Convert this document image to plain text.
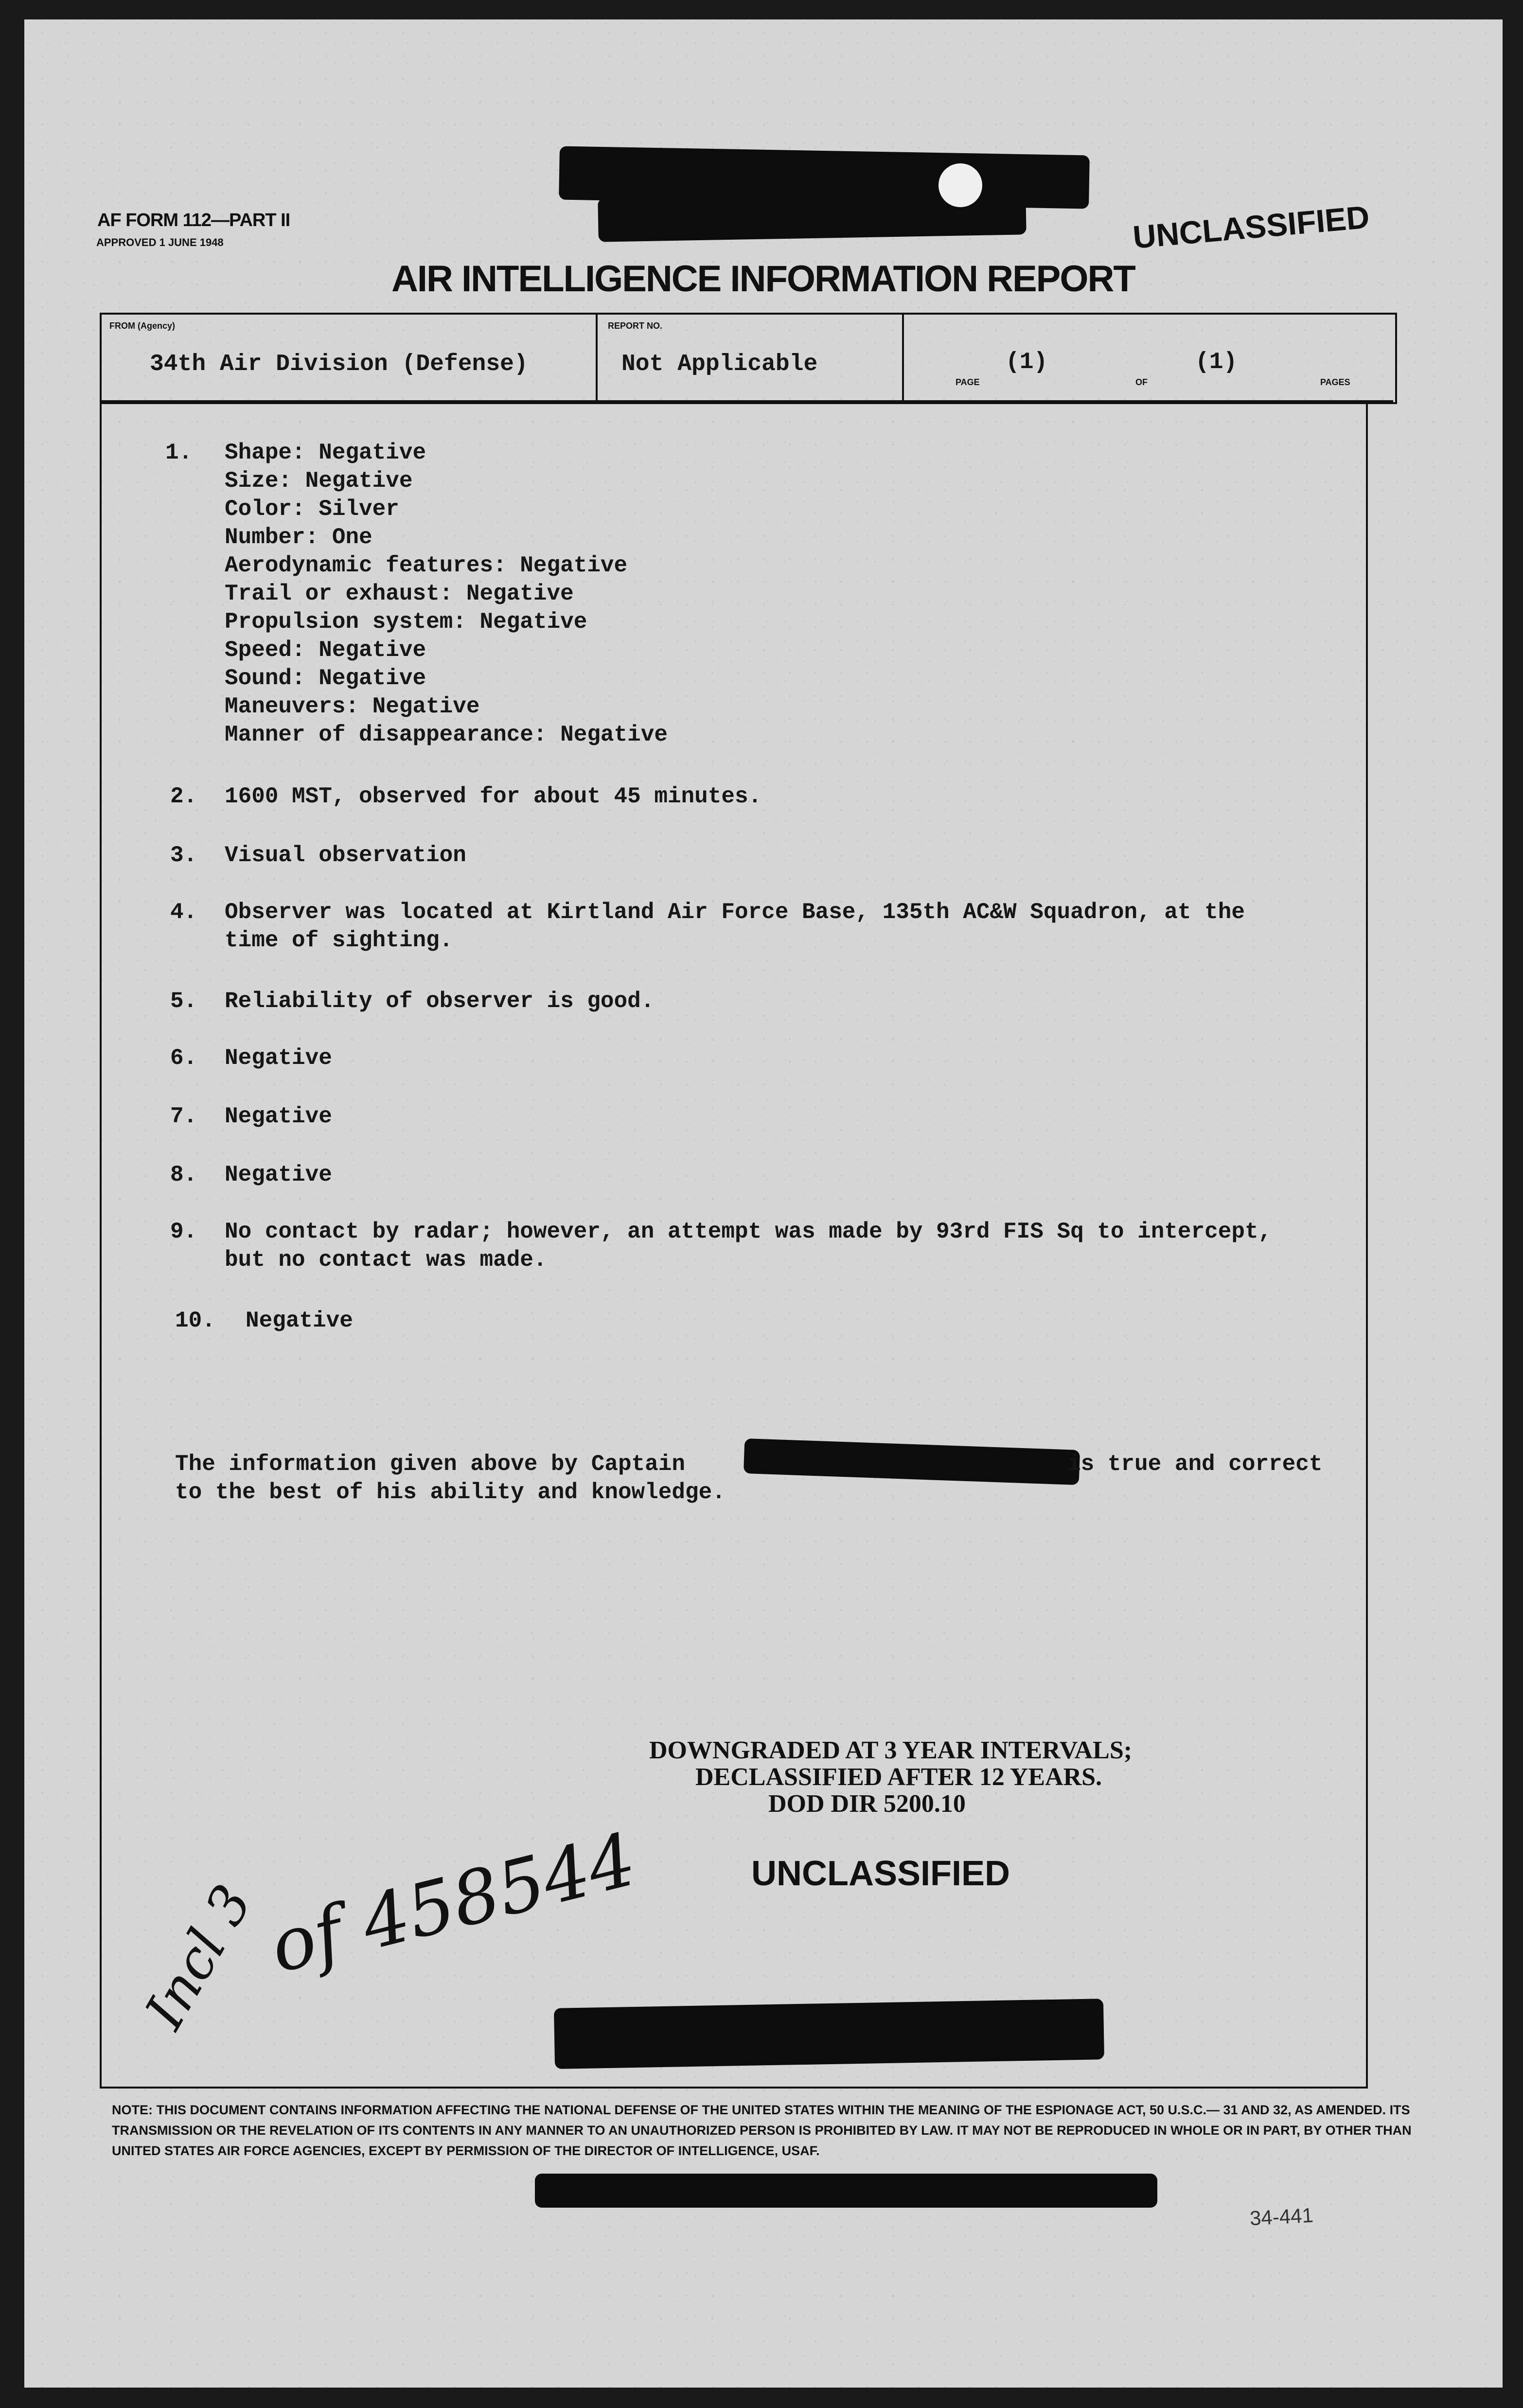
AF FORM 112—PART II
APPROVED 1 JUNE 1948
AIR INTELLIGENCE INFORMATION REPORT
UNCLASSIFIED
FROM (Agency)
34th Air Division (Defense)
REPORT NO.
Not Applicable
PAGE
(1)
OF
(1)
PAGES
1. Shape: Negative
Size: Negative
Color: Silver
Number: One
Aerodynamic features: Negative
Trail or exhaust: Negative
Propulsion system: Negative
Speed: Negative
Sound: Negative
Maneuvers: Negative
Manner of disappearance: Negative
2. 1600 MST, observed for about 45 minutes.
3. Visual observation
4. Observer was located at Kirtland Air Force Base, 135th AC&W Squadron, at the
time of sighting.
5. Reliability of observer is good.
6. Negative
7. Negative
8. Negative
9. No contact by radar; however, an attempt was made by 93rd FIS Sq to intercept,
but no contact was made.
10. Negative
The information given above by Captain	is true and correct
to the best of his ability and knowledge.
DOWNGRADED AT 3 YEAR INTERVALS;
DECLASSIFIED AFTER 12 YEARS.
DOD DIR 5200.10
UNCLASSIFIED
Incl 3
of 458544
NOTE: THIS DOCUMENT CONTAINS INFORMATION AFFECTING THE NATIONAL DEFENSE OF THE UNITED STATES WITHIN THE MEANING OF THE ESPIONAGE ACT, 50 U.S.C.— 31 AND 32, AS AMENDED. ITS TRANSMISSION OR THE REVELATION OF ITS CONTENTS IN ANY MANNER TO AN UNAUTHORIZED PERSON IS PROHIBITED BY LAW. IT MAY NOT BE REPRODUCED IN WHOLE OR IN PART, BY OTHER THAN UNITED STATES AIR FORCE AGENCIES, EXCEPT BY PERMISSION OF THE DIRECTOR OF INTELLIGENCE, USAF.
34-441
